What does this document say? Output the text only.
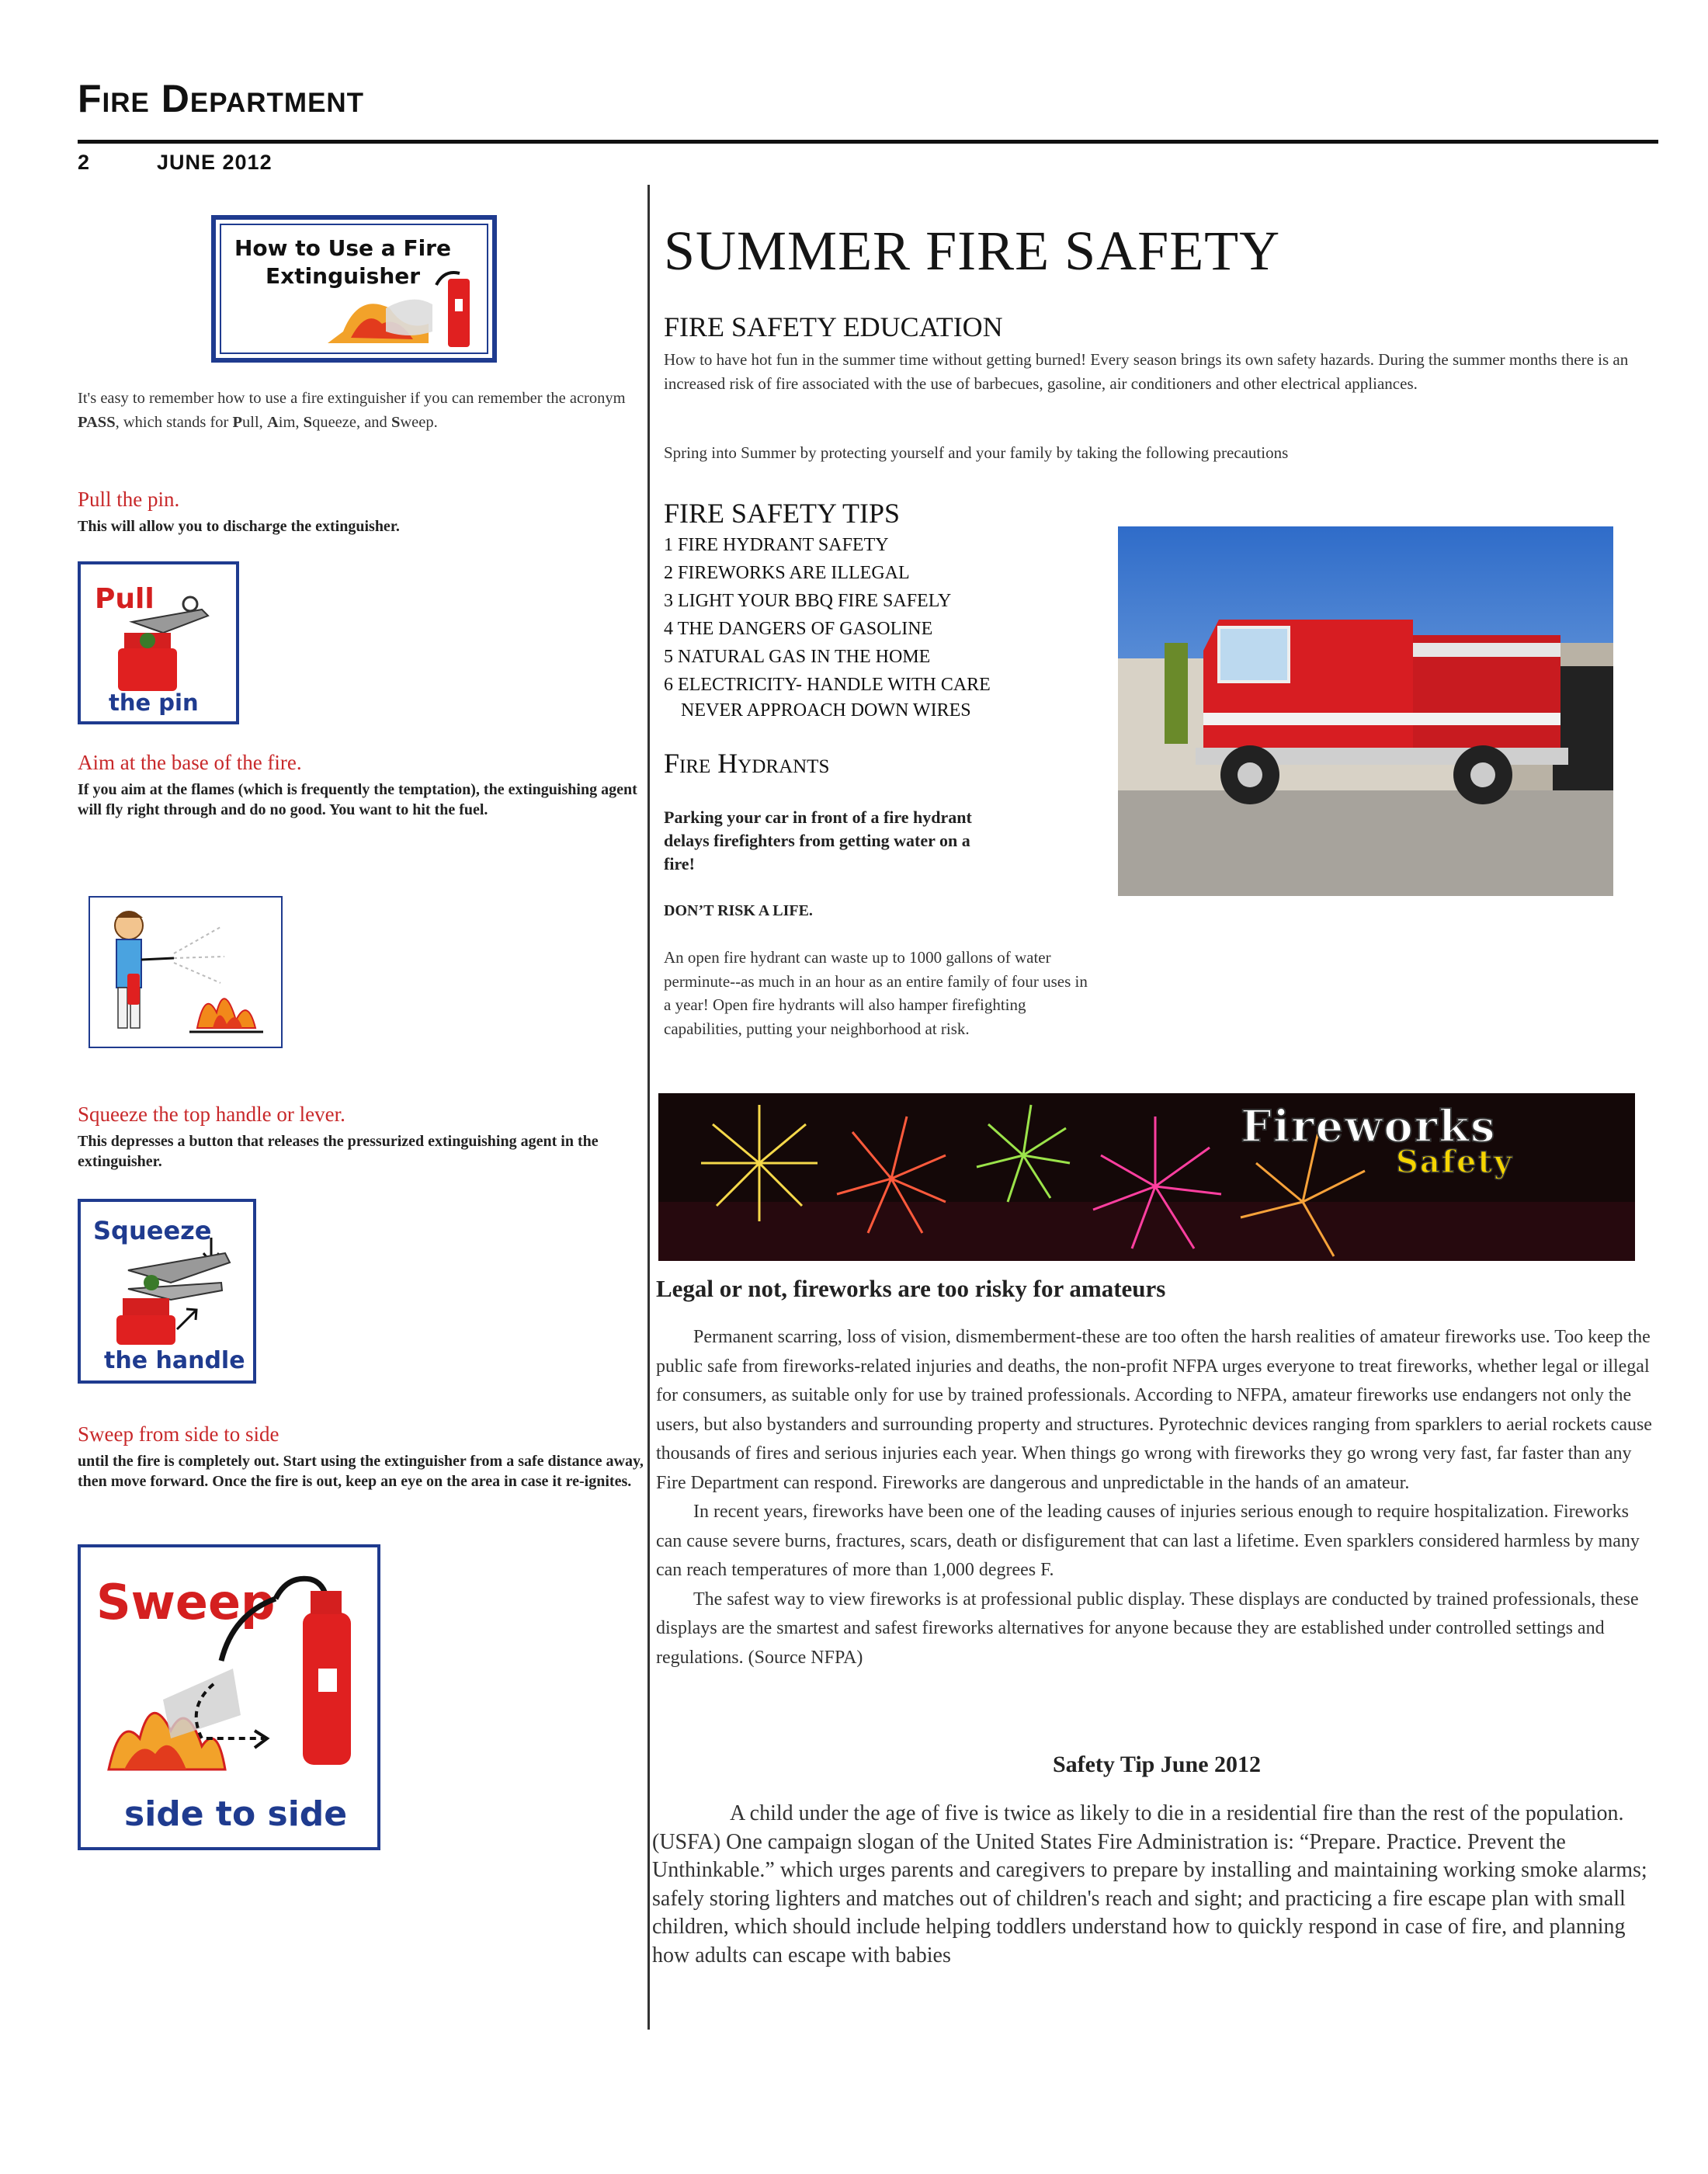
Fire Department
2	JUNE 2012
How to Use a Fire
Extinguisher
It's easy to remember how to use a fire extinguisher if you can remember the acronym PASS, which stands for Pull, Aim, Squeeze, and Sweep.
Pull the pin.
This will allow you to discharge the extinguisher.
Pull
the pin
Aim at the base of the fire.
If you aim at the flames (which is frequently the temptation), the extinguishing agent will fly right through and do no good. You want to hit the fuel.
Squeeze the top handle or lever.
This depresses a button that releases the pressurized extinguishing agent in the extinguisher.
Squeeze
the handle
Sweep from side to side
until the fire is completely out. Start using the extinguisher from a safe distance away, then move forward. Once the fire is out, keep an eye on the area in case it re-ignites.
Sweep
side to side
SUMMER FIRE SAFETY
FIRE SAFETY EDUCATION
How to have hot fun in the summer time without getting burned! Every season brings its own safety hazards. During the summer months there is an increased risk of fire associated with the use of barbecues, gasoline, air conditioners and other electrical appliances.
Spring into Summer by protecting yourself and your family by taking the following precautions
FIRE SAFETY TIPS
1 FIRE HYDRANT SAFETY
2 FIREWORKS ARE ILLEGAL
3 LIGHT YOUR BBQ FIRE SAFELY
4 THE DANGERS OF GASOLINE
5 NATURAL GAS IN THE HOME
6 ELECTRICITY- HANDLE WITH CARE
NEVER APPROACH DOWN WIRES
Fire Hydrants
Parking your car in front of a fire hydrant delays firefighters from getting water on a fire!
DON’T RISK A LIFE.
An open fire hydrant can waste up to 1000 gallons of water perminute--as much in an hour as an entire family of four uses in a year! Open fire hydrants will also hamper firefighting capabilities, putting your neighborhood at risk.
Fireworks
Safety
Legal or not, fireworks are too risky for amateurs

Permanent scarring, loss of vision, dismemberment-these are too often the harsh realities of amateur fireworks use. Too keep the public safe from fireworks-related injuries and deaths, the non-profit NFPA urges everyone to treat fireworks, whether legal or illegal for consumers, as suitable only for use by trained professionals. According to NFPA, amateur fireworks use endangers not only the users, but also bystanders and surrounding property and structures. Pyrotechnic devices ranging from sparklers to aerial rockets cause thousands of fires and serious injuries each year. When things go wrong with fireworks they go wrong very fast, far faster than any Fire Department can respond. Fireworks are dangerous and unpredictable in the hands of an amateur.

In recent years, fireworks have been one of the leading causes of injuries serious enough to require hospitalization. Fireworks can cause severe burns, fractures, scars, death or disfigurement that can last a lifetime. Even sparklers considered harmless by many can reach temperatures of more than 1,000 degrees F.

The safest way to view fireworks is at professional public display. These displays are conducted by trained professionals, these displays are the smartest and safest fireworks alternatives for anyone because they are established under controlled settings and regulations. (Source NFPA)

Safety Tip June 2012

A child under the age of five is twice as likely to die in a residential fire than the rest of the population. (USFA) One campaign slogan of the United States Fire Administration is: “Prepare. Practice. Prevent the Unthinkable.” which urges parents and caregivers to prepare by installing and maintaining working smoke alarms; safely storing lighters and matches out of children's reach and sight; and practicing a fire escape plan with small children, which should include helping toddlers understand how to quickly respond in case of fire, and planning how adults can escape with babies
